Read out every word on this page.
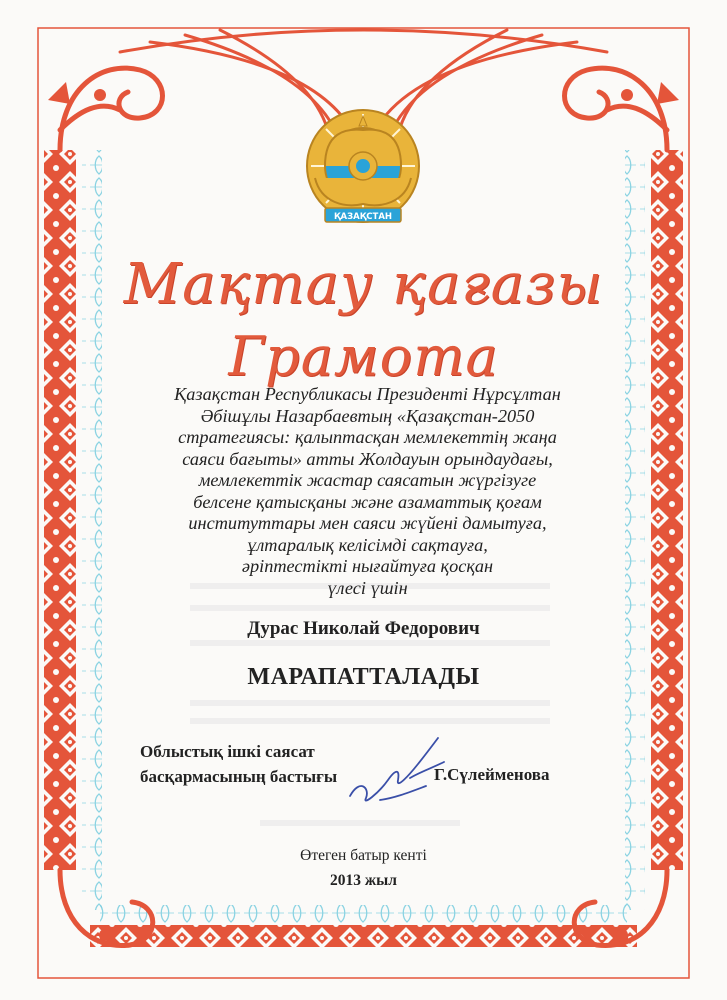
ҚАЗАҚСТАН
Мақтау қағазы
Грамота
Қазақстан Республикасы Президенті Нұрсұлтан
Әбішұлы Назарбаевтың «Қазақстан-2050
стратегиясы: қалыптасқан мемлекеттің жаңа
саяси бағыты» атты Жолдауын орындаудағы,
мемлекеттік жастар саясатын жүргізуге
белсене қатысқаны және азаматтық қоғам
институттары мен саяси жүйені дамытуға,
ұлтаралық келісімді сақтауға,
әріптестікті нығайтуға қосқан
үлесі үшін
Дурас Николай Федорович
МАРАПАТТАЛАДЫ
Облыстық ішкі саясат
басқармасының бастығы	Г.Сүлейменова
Өтеген батыр кенті
2013 жыл
